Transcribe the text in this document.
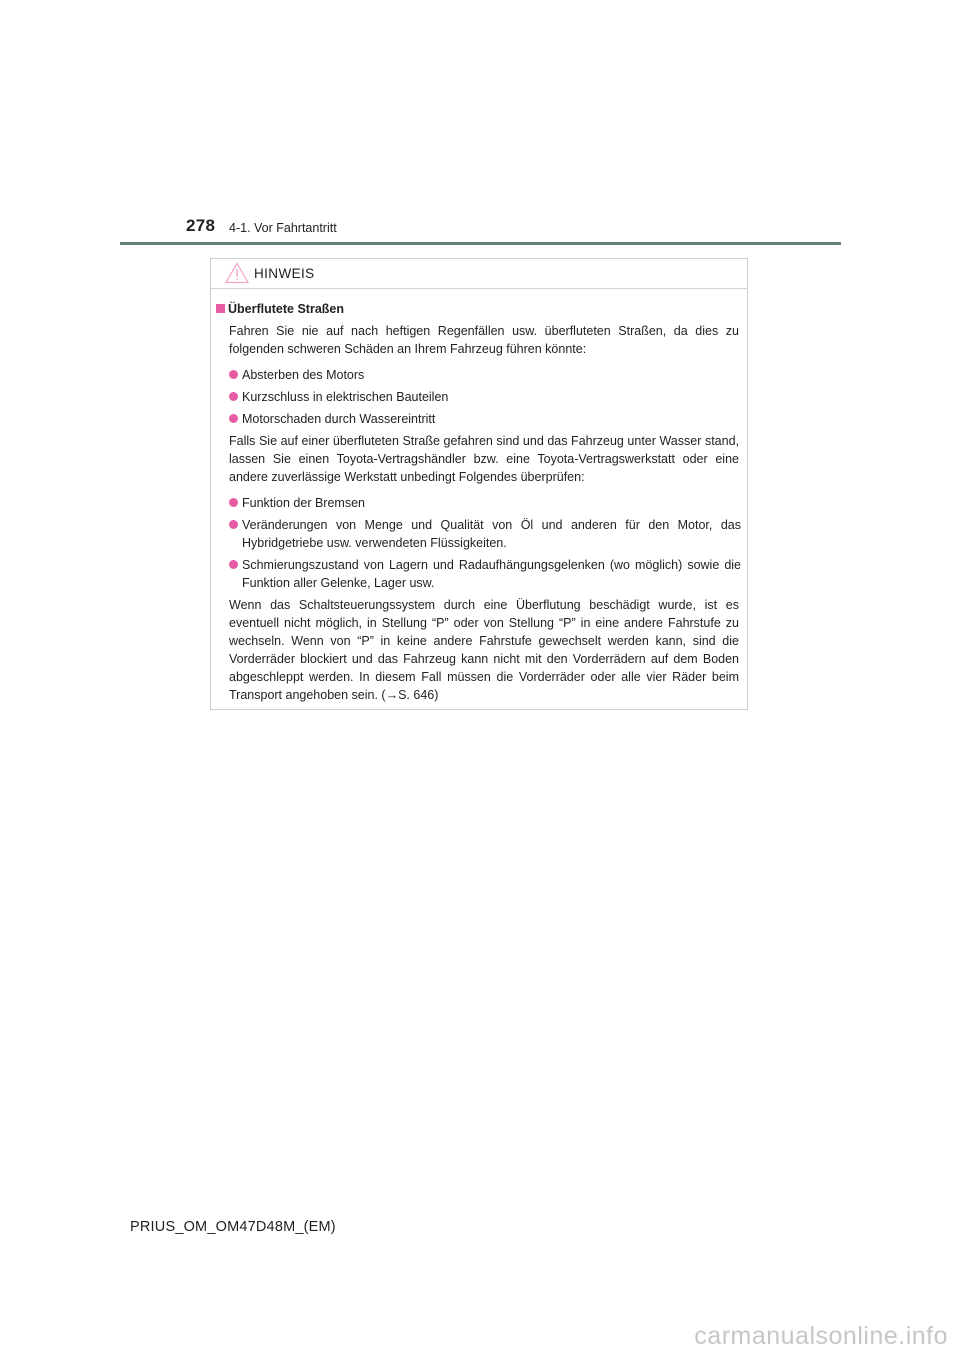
278 4-1. Vor Fahrtantritt
HINWEIS
Überflutete Straßen
Fahren Sie nie auf nach heftigen Regenfällen usw. überfluteten Straßen, da dies zu folgenden schweren Schäden an Ihrem Fahrzeug führen könnte:
Absterben des Motors
Kurzschluss in elektrischen Bauteilen
Motorschaden durch Wassereintritt
Falls Sie auf einer überfluteten Straße gefahren sind und das Fahrzeug unter Wasser stand, lassen Sie einen Toyota-Vertragshändler bzw. eine Toyota-Vertragswerkstatt oder eine andere zuverlässige Werkstatt unbedingt Folgendes überprüfen:
Funktion der Bremsen
Veränderungen von Menge und Qualität von Öl und anderen für den Motor, das Hybridgetriebe usw. verwendeten Flüssigkeiten.
Schmierungszustand von Lagern und Radaufhängungsgelenken (wo möglich) sowie die Funktion aller Gelenke, Lager usw.
Wenn das Schaltsteuerungssystem durch eine Überflutung beschädigt wurde, ist es eventuell nicht möglich, in Stellung “P” oder von Stellung “P” in eine andere Fahrstufe zu wechseln. Wenn von “P” in keine andere Fahrstufe gewechselt werden kann, sind die Vorderräder blockiert und das Fahrzeug kann nicht mit den Vorderrädern auf dem Boden abgeschleppt werden. In diesem Fall müssen die Vorderräder oder alle vier Räder beim Transport angehoben sein. (→S. 646)
PRIUS_OM_OM47D48M_(EM)
carmanualsonline.info
